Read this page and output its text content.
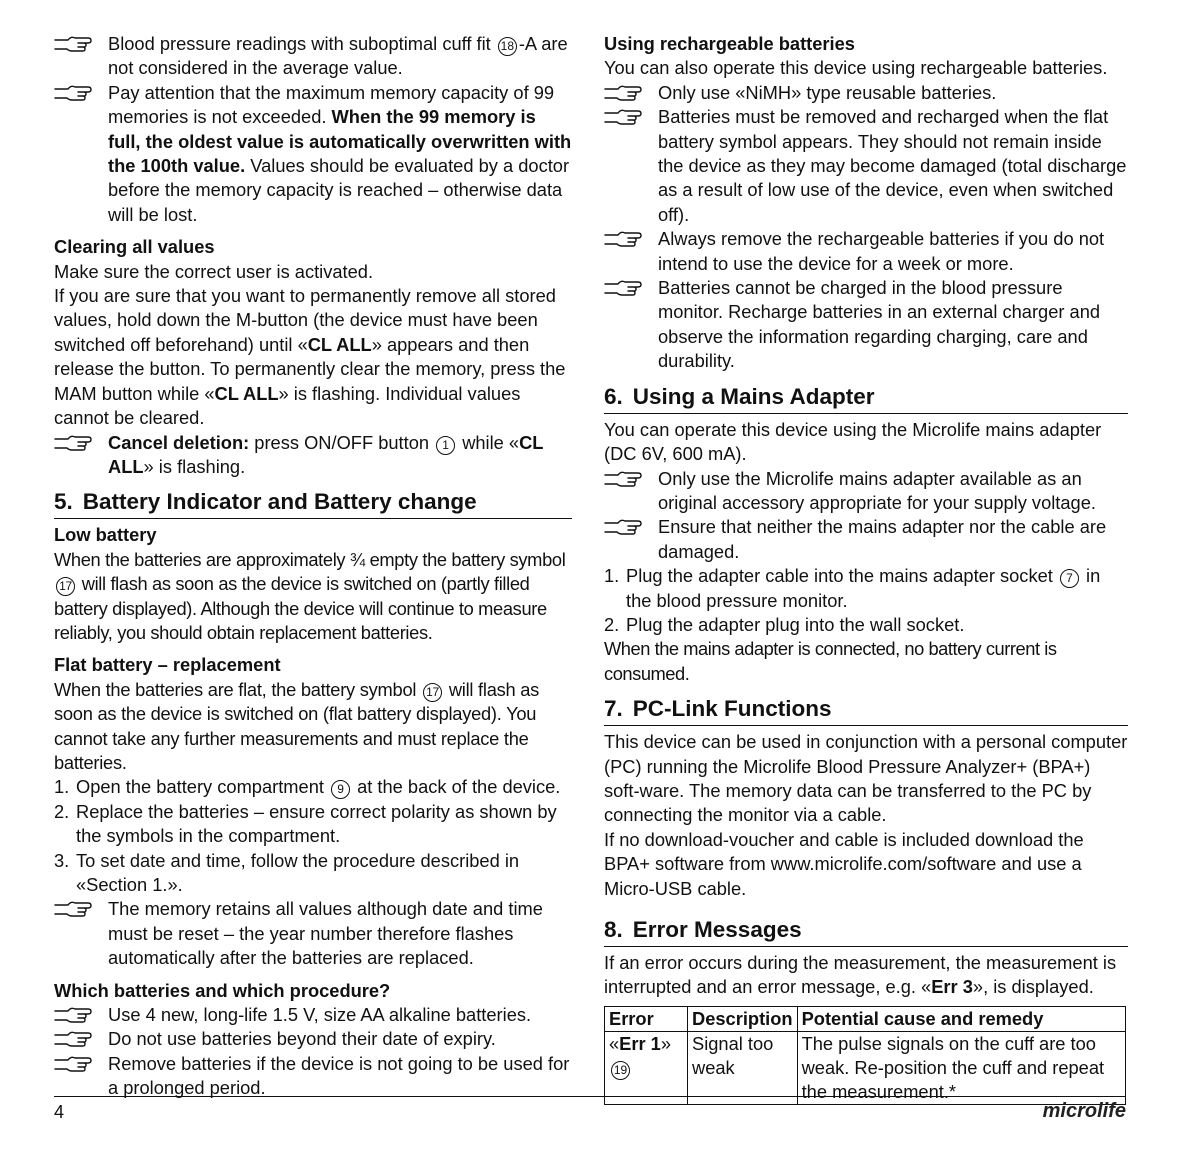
Blood pressure readings with suboptimal cuff fit 18 -A are not considered in the average value.
Pay attention that the maximum memory capacity of 99 memories is not exceeded. When the 99 memory is full, the oldest value is automatically overwritten with the 100th value. Values should be evaluated by a doctor before the memory capacity is reached – otherwise data will be lost.
Clearing all values
Make sure the correct user is activated.
If you are sure that you want to permanently remove all stored values, hold down the M-button (the device must have been switched off beforehand) until «CL ALL» appears and then release the button. To permanently clear the memory, press the MAM button while «CL ALL» is flashing. Individual values cannot be cleared.
Cancel deletion: press ON/OFF button 1 while «CL ALL» is flashing.
5. Battery Indicator and Battery change
Low battery
When the batteries are approximately ¾ empty the battery symbol 17 will flash as soon as the device is switched on (partly filled battery displayed). Although the device will continue to measure reliably, you should obtain replacement batteries.
Flat battery – replacement
When the batteries are flat, the battery symbol 17 will flash as soon as the device is switched on (flat battery displayed). You cannot take any further measurements and must replace the batteries.
1. Open the battery compartment 9 at the back of the device.
2. Replace the batteries – ensure correct polarity as shown by the symbols in the compartment.
3. To set date and time, follow the procedure described in «Section 1.».
The memory retains all values although date and time must be reset – the year number therefore flashes automatically after the batteries are replaced.
Which batteries and which procedure?
Use 4 new, long-life 1.5 V, size AA alkaline batteries.
Do not use batteries beyond their date of expiry.
Remove batteries if the device is not going to be used for a prolonged period.
Using rechargeable batteries
You can also operate this device using rechargeable batteries.
Only use «NiMH» type reusable batteries.
Batteries must be removed and recharged when the flat battery symbol appears. They should not remain inside the device as they may become damaged (total discharge as a result of low use of the device, even when switched off).
Always remove the rechargeable batteries if you do not intend to use the device for a week or more.
Batteries cannot be charged in the blood pressure monitor. Recharge batteries in an external charger and observe the information regarding charging, care and durability.
6. Using a Mains Adapter
You can operate this device using the Microlife mains adapter (DC 6V, 600 mA).
Only use the Microlife mains adapter available as an original accessory appropriate for your supply voltage.
Ensure that neither the mains adapter nor the cable are damaged.
1. Plug the adapter cable into the mains adapter socket 7 in the blood pressure monitor.
2. Plug the adapter plug into the wall socket.
When the mains adapter is connected, no battery current is consumed.
7. PC-Link Functions
This device can be used in conjunction with a personal computer (PC) running the Microlife Blood Pressure Analyzer+ (BPA+) soft-ware. The memory data can be transferred to the PC by connecting the monitor via a cable.
If no download-voucher and cable is included download the BPA+ software from www.microlife.com/software and use a Micro-USB cable.
8. Error Messages
If an error occurs during the measurement, the measurement is interrupted and an error message, e.g. «Err 3», is displayed.
Error	Description	Potential cause and remedy
«Err 1»
19	Signal too weak	The pulse signals on the cuff are too weak. Re-position the cuff and repeat the measurement.*
4	microlife
